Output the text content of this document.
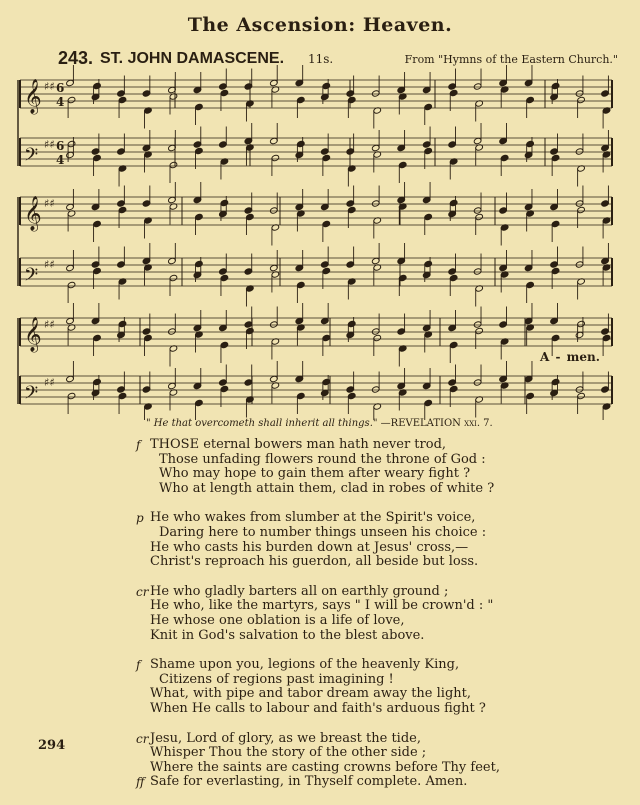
The Ascension: Heaven.
243. ST. JOHN DAMASCENE. 11s.	From "Hymns of the Eastern Church."
𝄞 ♯♯
𝄢
♯♯
𝄞 ♯♯
𝄢
♯♯
𝄞 ♯♯
𝄢
♯♯
6
4
6
4
A - men.
" He that overcometh shall inherit all things." —REVELATION xxi. 7.
f THOSE eternal bowers man hath never trod,
Those unfading flowers round the throne of God :
Who may hope to gain them after weary fight ?
Who at length attain them, clad in robes of white ?
p He who wakes from slumber at the Spirit's voice,
Daring here to number things unseen his choice :
He who casts his burden down at Jesus' cross,—
Christ's reproach his guerdon, all beside but loss.
cr He who gladly barters all on earthly ground ;
He who, like the martyrs, says " I will be crown'd : "
He whose one oblation is a life of love,
Knit in God's salvation to the blest above.
f Shame upon you, legions of the heavenly King,
Citizens of regions past imagining !
What, with pipe and tabor dream away the light,
When He calls to labour and faith's arduous fight ?
cr Jesu, Lord of glory, as we breast the tide,
Whisper Thou the story of the other side ;
Where the saints are casting crowns before Thy feet,
ff Safe for everlasting, in Thyself complete. Amen.
294
